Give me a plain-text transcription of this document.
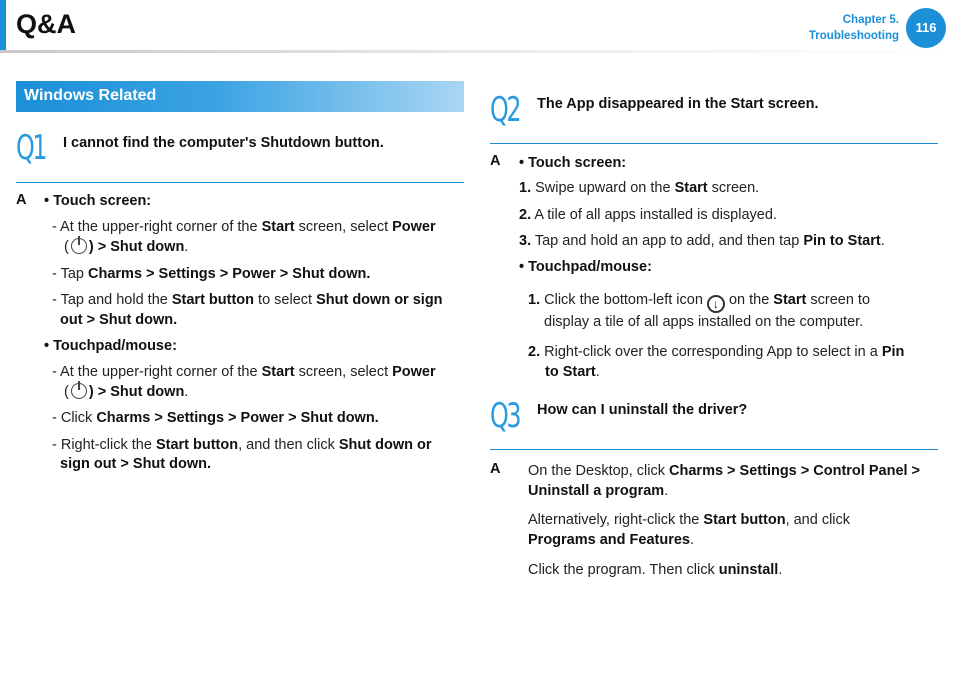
Q&A	Chapter 5.
Troubleshooting
116
Windows Related
Q1 I cannot find the computer's Shutdown button.
A • Touch screen:
- At the upper-right corner of the Start screen, select Power
( ) > Shut down.
- Tap Charms > Settings > Power > Shut down.
- Tap and hold the Start button to select Shut down or sign
out > Shut down.
• Touchpad/mouse:
- At the upper-right corner of the Start screen, select Power
( ) > Shut down.
- Click Charms > Settings > Power > Shut down.
- Right-click the Start button, and then click Shut down or
sign out > Shut down.
Q2 The App disappeared in the Start screen.
A • Touch screen:
1. Swipe upward on the Start screen.
2. A tile of all apps installed is displayed.
3. Tap and hold an app to add, and then tap Pin to Start.
• Touchpad/mouse:
1. Click the bottom-left icon ↓ on the Start screen to
display a tile of all apps installed on the computer.
2. Right-click over the corresponding App to select in a Pin
to Start.
Q3 How can I uninstall the driver?
A On the Desktop, click Charms > Settings > Control Panel >
Uninstall a program.
Alternatively, right-click the Start button, and click
Programs and Features.
Click the program. Then click uninstall.
